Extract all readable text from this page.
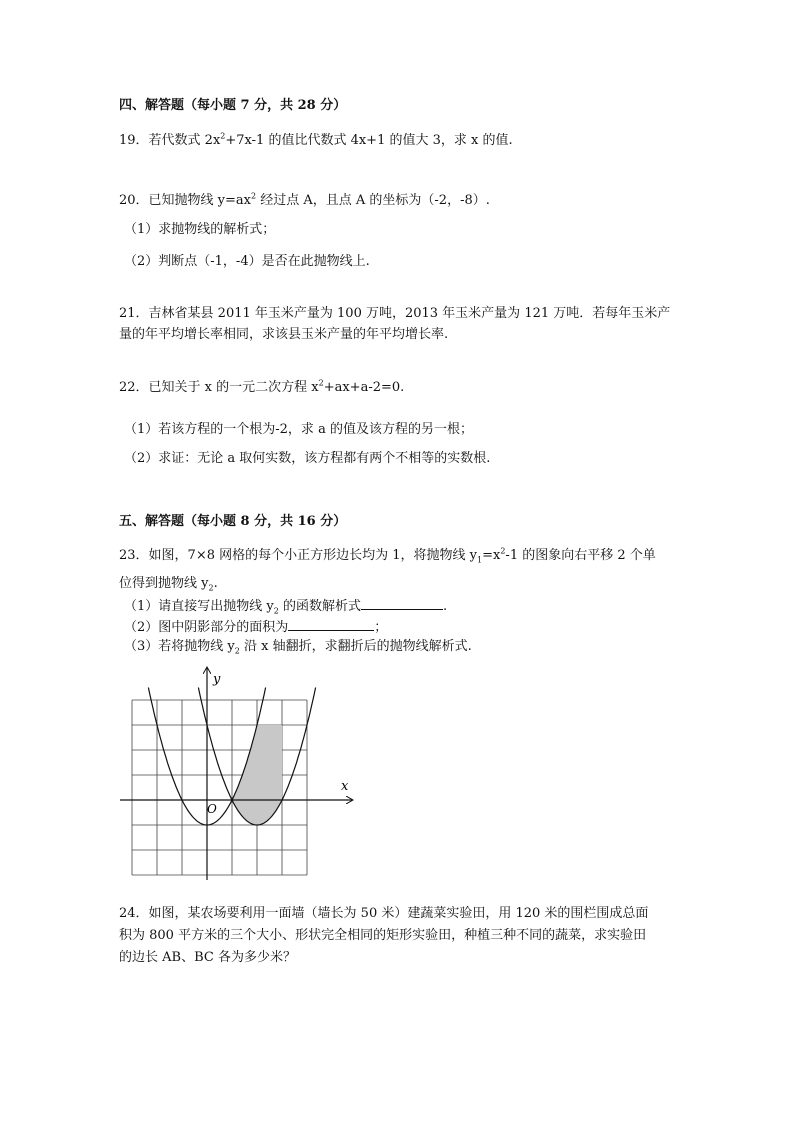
四、解答题（每小题 7 分，共 28 分）
19．若代数式 $2x^2+7x-1$ 的值比代数式 4x+1 的值大 3，求 x 的值.
20．已知抛物线 $y=ax^2$ 经过点 A，且点 A 的坐标为（-2，-8）.
（1）求抛物线的解析式；
（2）判断点（-1，-4）是否在此抛物线上.
21．吉林省某县 2011 年玉米产量为 100 万吨，2013 年玉米产量为 121 万吨．若每年玉米产
量的年平均增长率相同，求该县玉米产量的年平均增长率.
22．已知关于 x 的一元二次方程 $x^2+ax+a-2=0$.
（1）若该方程的一个根为-2，求 a 的值及该方程的另一根；
（2）求证：无论 a 取何实数，该方程都有两个不相等的实数根.
五、解答题（每小题 8 分，共 16 分）
23．如图，7×8 网格的每个小正方形边长均为 1，将抛物线 $y_1=x^2-1$ 的图象向右平移 2 个单
位得到抛物线 $y_2$.
（1）请直接写出抛物线 $y_2$ 的函数解析式	.
（2）图中阴影部分的面积为	；
（3）若将抛物线 $y_2$ 沿 x 轴翻折，求翻折后的抛物线解析式.
x
y
O
24．如图，某农场要利用一面墙（墙长为 50 米）建蔬菜实验田，用 120 米的围栏围成总面
积为 800 平方米的三个大小、形状完全相同的矩形实验田，种植三种不同的蔬菜，求实验田
的边长 AB、BC 各为多少米？
